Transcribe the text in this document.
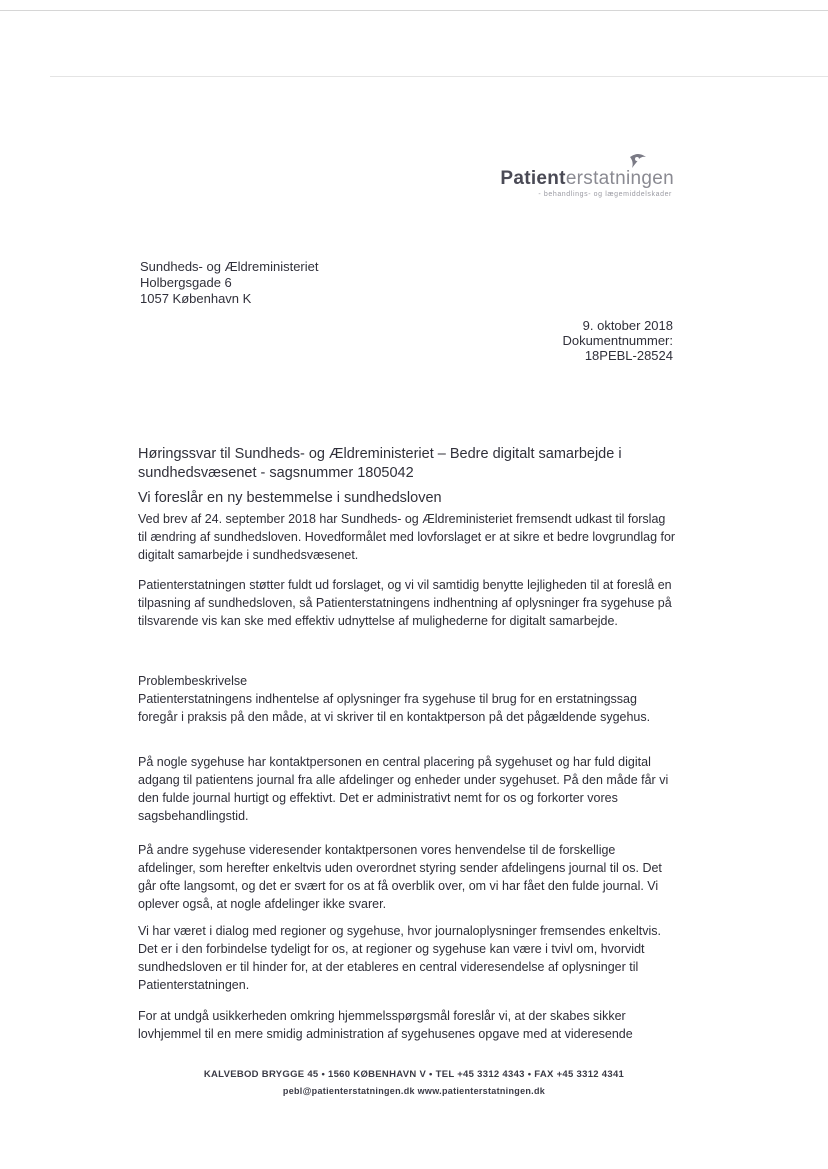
Patienterstatningen
- behandlings- og lægemiddelskader
Sundheds- og Ældreministeriet
Holbergsgade 6
1057 København K
9. oktober 2018
Dokumentnummer:
18PEBL-28524
Høringssvar til Sundheds- og Ældreministeriet – Bedre digitalt samarbejde i sundhedsvæsenet - sagsnummer 1805042
Vi foreslår en ny bestemmelse i sundhedsloven
Ved brev af 24. september 2018 har Sundheds- og Ældreministeriet fremsendt udkast til forslag til ændring af sundhedsloven. Hovedformålet med lovforslaget er at sikre et bedre lovgrundlag for digitalt samarbejde i sundhedsvæsenet.
Patienterstatningen støtter fuldt ud forslaget, og vi vil samtidig benytte lejligheden til at foreslå en tilpasning af sundhedsloven, så Patienterstatningens indhentning af oplysninger fra sygehuse på tilsvarende vis kan ske med effektiv udnyttelse af mulighederne for digitalt samarbejde.
Problembeskrivelse
Patienterstatningens indhentelse af oplysninger fra sygehuse til brug for en erstatningssag foregår i praksis på den måde, at vi skriver til en kontaktperson på det pågældende sygehus.
På nogle sygehuse har kontaktpersonen en central placering på sygehuset og har fuld digital adgang til patientens journal fra alle afdelinger og enheder under sygehuset. På den måde får vi den fulde journal hurtigt og effektivt. Det er administrativt nemt for os og forkorter vores sagsbehandlingstid.
På andre sygehuse videresender kontaktpersonen vores henvendelse til de forskellige afdelinger, som herefter enkeltvis uden overordnet styring sender afdelingens journal til os. Det går ofte langsomt, og det er svært for os at få overblik over, om vi har fået den fulde journal. Vi oplever også, at nogle afdelinger ikke svarer.
Vi har været i dialog med regioner og sygehuse, hvor journaloplysninger fremsendes enkeltvis. Det er i den forbindelse tydeligt for os, at regioner og sygehuse kan være i tvivl om, hvorvidt sundhedsloven er til hinder for, at der etableres en central videresendelse af oplysninger til Patienterstatningen.
For at undgå usikkerheden omkring hjemmelsspørgsmål foreslår vi, at der skabes sikker lovhjemmel til en mere smidig administration af sygehusenes opgave med at videresende
KALVEBOD BRYGGE 45 • 1560 KØBENHAVN V • TEL +45 3312 4343 • FAX +45 3312 4341
pebl@patienterstatningen.dk www.patienterstatningen.dk
